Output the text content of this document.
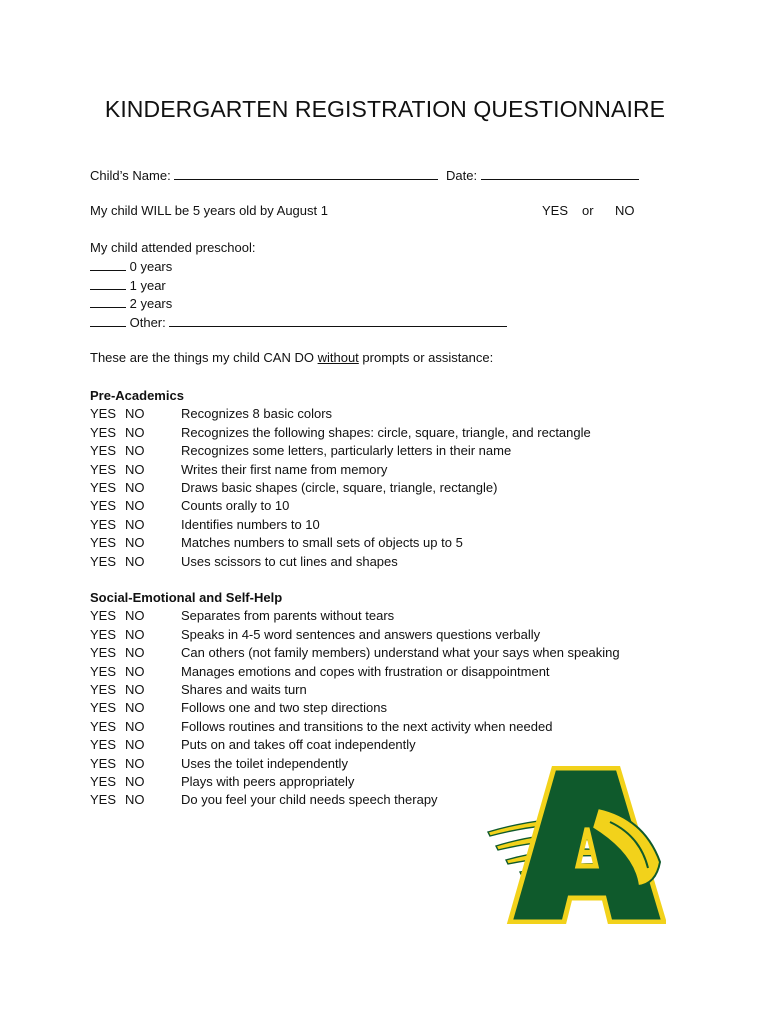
KINDERGARTEN REGISTRATION QUESTIONNAIRE
Child’s Name:	Date:
My child WILL be 5 years old by August 1	YES or NO
My child attended preschool:
0 years
1 year
2 years
Other:
These are the things my child CAN DO without prompts or assistance:
Pre-Academics
YES NO	Recognizes 8 basic colors
YES NO	Recognizes the following shapes: circle, square, triangle, and rectangle
YES NO	Recognizes some letters, particularly letters in their name
YES NO	Writes their first name from memory
YES NO	Draws basic shapes (circle, square, triangle, rectangle)
YES NO	Counts orally to 10
YES NO	Identifies numbers to 10
YES NO	Matches numbers to small sets of objects up to 5
YES NO	Uses scissors to cut lines and shapes
Social-Emotional and Self-Help
YES NO	Separates from parents without tears
YES NO	Speaks in 4-5 word sentences and answers questions verbally
YES NO	Can others (not family members) understand what your says when speaking
YES NO	Manages emotions and copes with frustration or disappointment
YES NO	Shares and waits turn
YES NO	Follows one and two step directions
YES NO	Follows routines and transitions to the next activity when needed
YES NO	Puts on and takes off coat independently
YES NO	Uses the toilet independently
YES NO	Plays with peers appropriately
YES NO	Do you feel your child needs speech therapy
